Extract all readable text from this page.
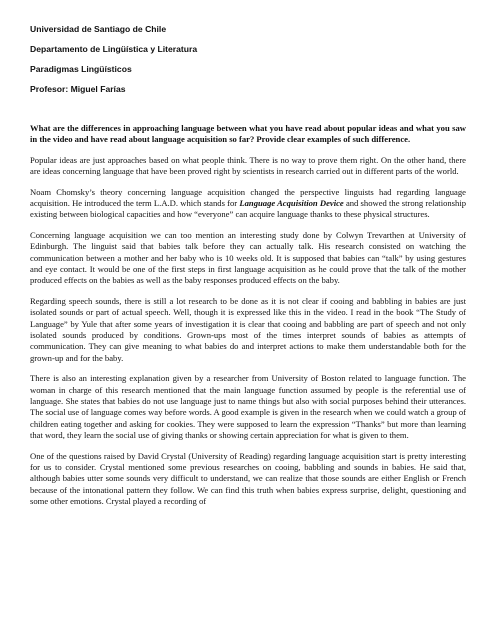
Universidad de Santiago de Chile
Departamento de Lingüística y Literatura
Paradigmas Lingüísticos
Profesor: Miguel Farías

What are the differences in approaching language between what you have read about popular ideas and what you saw in the video and have read about language acquisition so far? Provide clear examples of such difference.

Popular ideas are just approaches based on what people think. There is no way to prove them right. On the other hand, there are ideas concerning language that have been proved right by scientists in research carried out in different parts of the world.

Noam Chomsky’s theory concerning language acquisition changed the perspective linguists had regarding language acquisition. He introduced the term L.A.D. which stands for Language Acquisition Device and showed the strong relationship existing between biological capacities and how “everyone” can acquire language thanks to these physical structures.

Concerning language acquisition we can too mention an interesting study done by Colwyn Trevarthen at University of Edinburgh. The linguist said that babies talk before they can actually talk. His research consisted on watching the communication between a mother and her baby who is 10 weeks old. It is supposed that babies can “talk” by using gestures and eye contact. It would be one of the first steps in first language acquisition as he could prove that the talk of the mother produced effects on the babies as well as the baby responses produced effects on the baby.

Regarding speech sounds, there is still a lot research to be done as it is not clear if cooing and babbling in babies are just isolated sounds or part of actual speech. Well, though it is expressed like this in the video. I read in the book “The Study of Language” by Yule that after some years of investigation it is clear that cooing and babbling are part of speech and not only isolated sounds produced by conditions. Grown-ups most of the times interpret sounds of babies as attempts of communication. They can give meaning to what babies do and interpret actions to make them understandable both for the grown-up and for the baby.

There is also an interesting explanation given by a researcher from University of Boston related to language function. The woman in charge of this research mentioned that the main language function assumed by people is the referential use of language. She states that babies do not use language just to name things but also with social purposes behind their utterances. The social use of language comes way before words. A good example is given in the research when we could watch a group of children eating together and asking for cookies. They were supposed to learn the expression “Thanks” but more than learning that word, they learn the social use of giving thanks or showing certain appreciation for what is given to them.

One of the questions raised by David Crystal (University of Reading) regarding language acquisition start is pretty interesting for us to consider. Crystal mentioned some previous researches on cooing, babbling and sounds in babies. He said that, although babies utter some sounds very difficult to understand, we can realize that those sounds are either English or French because of the intonational pattern they follow. We can find this truth when babies express surprise, delight, questioning and some other emotions. Crystal played a recording of
